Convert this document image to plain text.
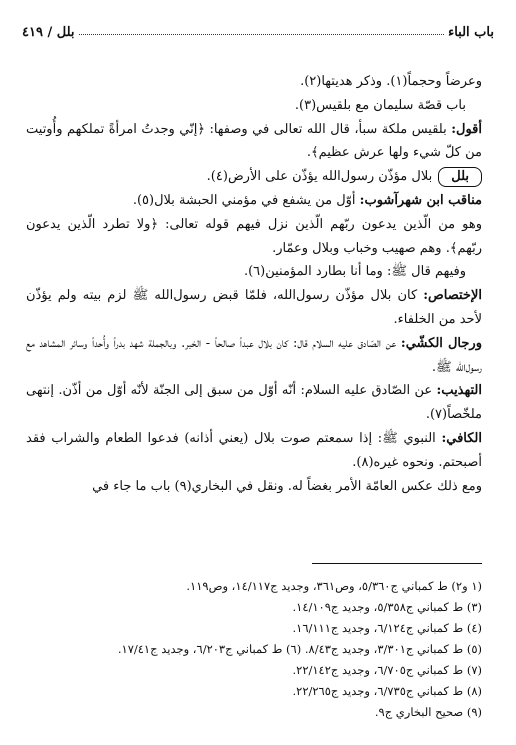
باب الباء
بلل / ٤١٩

وعرضاً وحجماً(١). وذكر هديتها(٢).

باب قصّة سليمان مع بلقيس(٣).

أقول: بلقيس ملكة سبأ، قال الله تعالى في وصفها: ﴿إنّي وجدتُ امرأةً تملكهم وأُوتيت من كلّ شيء ولها عرش عظيم﴾.

بللبلال مؤذّن رسول‌الله يؤذّن على الأرض(٤).

مناقب ابن شهرآشوب: أوّل من يشفع في مؤمني الحبشة بلال(٥).

وهو من الّذين يدعون ربّهم الّذين نزل فيهم قوله تعالى: ﴿ولا تطرد الّذين يدعون ربّهم﴾. وهم صهيب وخباب وبلال وعمّار.

وفيهم قال ﷺ: وما أنا بطارد المؤمنين(٦).

الإختصاص: كان بلال مؤذّن رسول‌الله، فلمّا قبض رسول‌الله ﷺ لزم بيته ولم يؤذّن لأحد من الخلفاء.

ورجال الكشّي: عن الصّادق عليه السلام قال: كان بلال عبداً صالحاً - الخبر. وبالجملة شهد بدراً وأُحداً وسائر المشاهد مع رسول‌الله ﷺ.

التهذيب: عن الصّادق عليه السلام: أنّه أوّل من سبق إلى الجنّة لأنّه أوّل من أذّن. إنتهى ملخّصاً(٧).

الكافي: النبوي ﷺ: إذا سمعتم صوت بلال (يعني أذانه) فدعوا الطعام والشراب فقد أصبحتم. ونحوه غيره(٨).

ومع ذلك عكس العامّة الأمر بغضاً له. ونقل في البخاري(٩) باب ما جاء في

(١ و٢) ط كمباني ج٥/٣٦٠، وص٣٦١، وجديد ج١٤/١١٧، وص١١٩.

(٣) ط كمباني ج٥/٣٥٨، وجديد ج١٤/١٠٩.

(٤) ط كمباني ج٦/١٢٤، وجديد ج١٦/١١١.

(٥) ط كمباني ج٣/٣٠١، وجديد ج٨/٤٣. (٦) ط كمباني ج٦/٢٠٣، وجديد ج١٧/٤١.

(٧) ط كمباني ج٦/٧٠٥، وجديد ج٢٢/١٤٢.

(٨) ط كمباني ج٦/٧٣٥، وجديد ج٢٢/٢٦٥.

(٩) صحيح البخاري ج٩.
